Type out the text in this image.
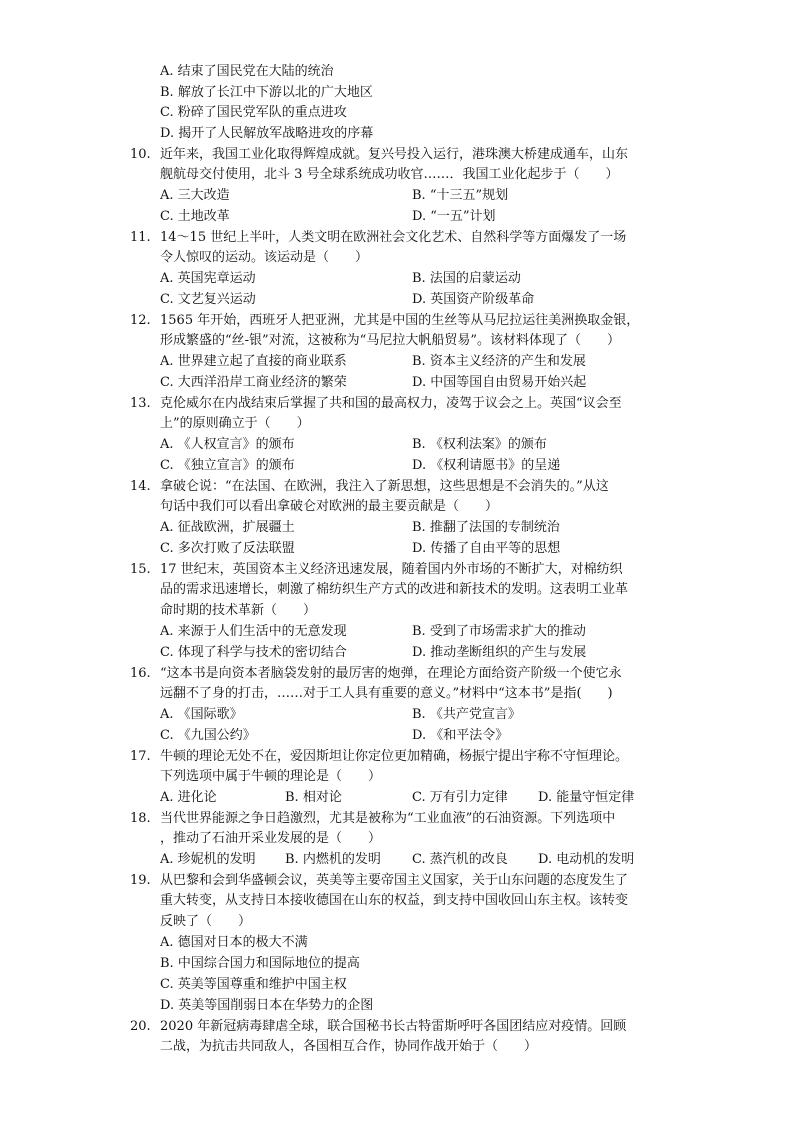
A. 结束了国民党在大陆的统治
B. 解放了长江中下游以北的广大地区
C. 粉碎了国民党军队的重点进攻
D. 揭开了人民解放军战略进攻的序幕
10. 近年来，我国工业化取得辉煌成就。复兴号投入运行，港珠澳大桥建成通车，山东
舰航母交付使用，北斗 3 号全球系统成功收官……．我国工业化起步于（　　）
A. 三大改造	B. “十三五”规划
C. 土地改革	D. “一五”计划
11. 14～15 世纪上半叶，人类文明在欧洲社会文化艺术、自然科学等方面爆发了一场
令人惊叹的运动。该运动是（　　）
A. 英国宪章运动	B. 法国的启蒙运动
C. 文艺复兴运动	D. 英国资产阶级革命
12. 1565 年开始，西班牙人把亚洲，尤其是中国的生丝等从马尼拉运往美洲换取金银，
形成繁盛的“丝-银”对流，这被称为“马尼拉大帆船贸易”。该材料体现了（　　）
A. 世界建立起了直接的商业联系	B. 资本主义经济的产生和发展
C. 大西洋沿岸工商业经济的繁荣	D. 中国等国自由贸易开始兴起
13. 克伦威尔在内战结束后掌握了共和国的最高权力，凌驾于议会之上。英国“议会至
上”的原则确立于（　　）
A. 《人权宣言》的颁布	B. 《权利法案》的颁布
C. 《独立宣言》的颁布	D. 《权利请愿书》的呈递
14. 拿破仑说：“在法国、在欧洲，我注入了新思想，这些思想是不会消失的。”从这
句话中我们可以看出拿破仑对欧洲的最主要贡献是（　　）
A. 征战欧洲，扩展疆土	B. 推翻了法国的专制统治
C. 多次打败了反法联盟	D. 传播了自由平等的思想
15. 17 世纪末，英国资本主义经济迅速发展，随着国内外市场的不断扩大，对棉纺织
品的需求迅速增长，刺激了棉纺织生产方式的改进和新技术的发明。这表明工业革
命时期的技术革新（　　）
A. 来源于人们生活中的无意发现	B. 受到了市场需求扩大的推动
C. 体现了科学与技术的密切结合	D. 推动垄断组织的产生与发展
16. “这本书是向资本者脑袋发射的最厉害的炮弹，在理论方面给资产阶级一个使它永
远翻不了身的打击，……对于工人具有重要的意义。”材料中“这本书”是指(　　)
A. 《国际歌》	B. 《共产党宣言》
C. 《九国公约》	D. 《和平法令》
17. 牛顿的理论无处不在，爱因斯坦让你定位更加精确，杨振宁提出宇称不守恒理论。
下列选项中属于牛顿的理论是（　　）
A. 进化论	B. 相对论	C. 万有引力定律 D. 能量守恒定律
18. 当代世界能源之争日趋激烈，尤其是被称为“工业血液”的石油资源。下列选项中
，推动了石油开采业发展的是（　　）
A. 珍妮机的发明 B. 内燃机的发明 C. 蒸汽机的改良 D. 电动机的发明
19. 从巴黎和会到华盛顿会议，英美等主要帝国主义国家，关于山东问题的态度发生了
重大转变，从支持日本接收德国在山东的权益，到支持中国收回山东主权。该转变
反映了（　　）
A. 德国对日本的极大不满
B. 中国综合国力和国际地位的提高
C. 英美等国尊重和维护中国主权
D. 英美等国削弱日本在华势力的企图
20. 2020 年新冠病毒肆虐全球，联合国秘书长古特雷斯呼吁各国团结应对疫情。回顾
二战，为抗击共同敌人，各国相互合作，协同作战开始于（　　）
